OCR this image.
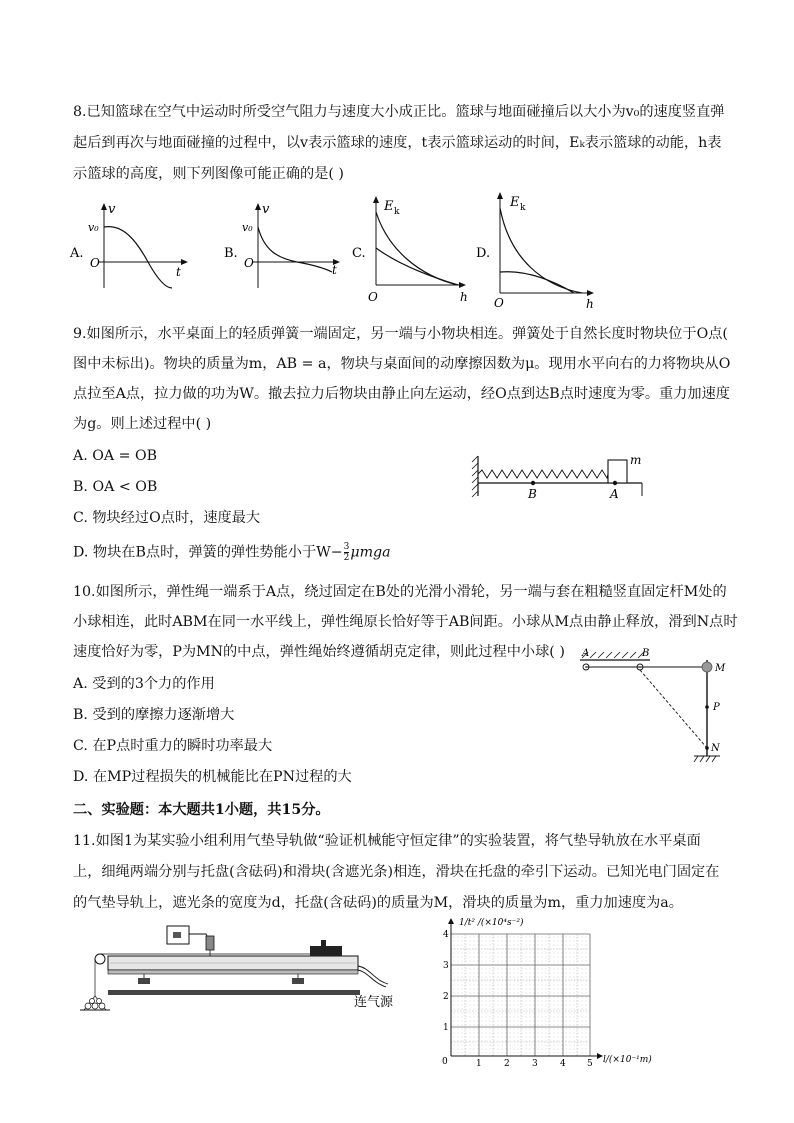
8.已知篮球在空气中运动时所受空气阻力与速度大小成正比。篮球与地面碰撞后以大小为v₀的速度竖直弹
起后到再次与地面碰撞的过程中，以v表示篮球的速度，t表示篮球运动的时间，Eₖ表示篮球的动能，h表
示篮球的高度，则下列图像可能正确的是( )
A.
v
v₀
O
t
B.
v
v₀
O	t
C.
E k
O	h
D.
E k
O	h
9.如图所示，水平桌面上的轻质弹簧一端固定，另一端与小物块相连。弹簧处于自然长度时物块位于O点(
图中未标出)。物块的质量为m，AB = a，物块与桌面间的动摩擦因数为μ。现用水平向右的力将物块从O
点拉至A点，拉力做的功为W。撤去拉力后物块由静止向左运动，经O点到达B点时速度为零。重力加速度
为g。则上述过程中( )
A. OA = OB
B. OA < OB
C. 物块经过O点时，速度最大
D. 物块在B点时，弹簧的弹性势能小于$W- \frac{3}{2}$ μmga
m
B	A
10.如图所示，弹性绳一端系于A点，绕过固定在B处的光滑小滑轮，另一端与套在粗糙竖直固定杆M处的
小球相连，此时ABM在同一水平线上，弹性绳原长恰好等于AB间距。小球从M点由静止释放，滑到N点时
速度恰好为零，P为MN的中点，弹性绳始终遵循胡克定律，则此过程中小球( )
A. 受到的3个力的作用
B. 受到的摩擦力逐渐增大
C. 在P点时重力的瞬时功率最大
D. 在MP过程损失的机械能比在PN过程的大
A	B
M
P
N
二、实验题：本大题共1小题，共15分。
11.如图1为某实验小组利用气垫导轨做“验证机械能守恒定律”的实验装置，将气垫导轨放在水平桌面
上，细绳两端分别与托盘(含砝码)和滑块(含遮光条)相连，滑块在托盘的牵引下运动。已知光电门固定在
的气垫导轨上，遮光条的宽度为d，托盘(含砝码)的质量为M，滑块的质量为m，重力加速度为a。
连气源
1/t² /(×10⁴s⁻²)
l/(×10⁻¹m)
0	1 2 3 4 5
1
2
3
4
